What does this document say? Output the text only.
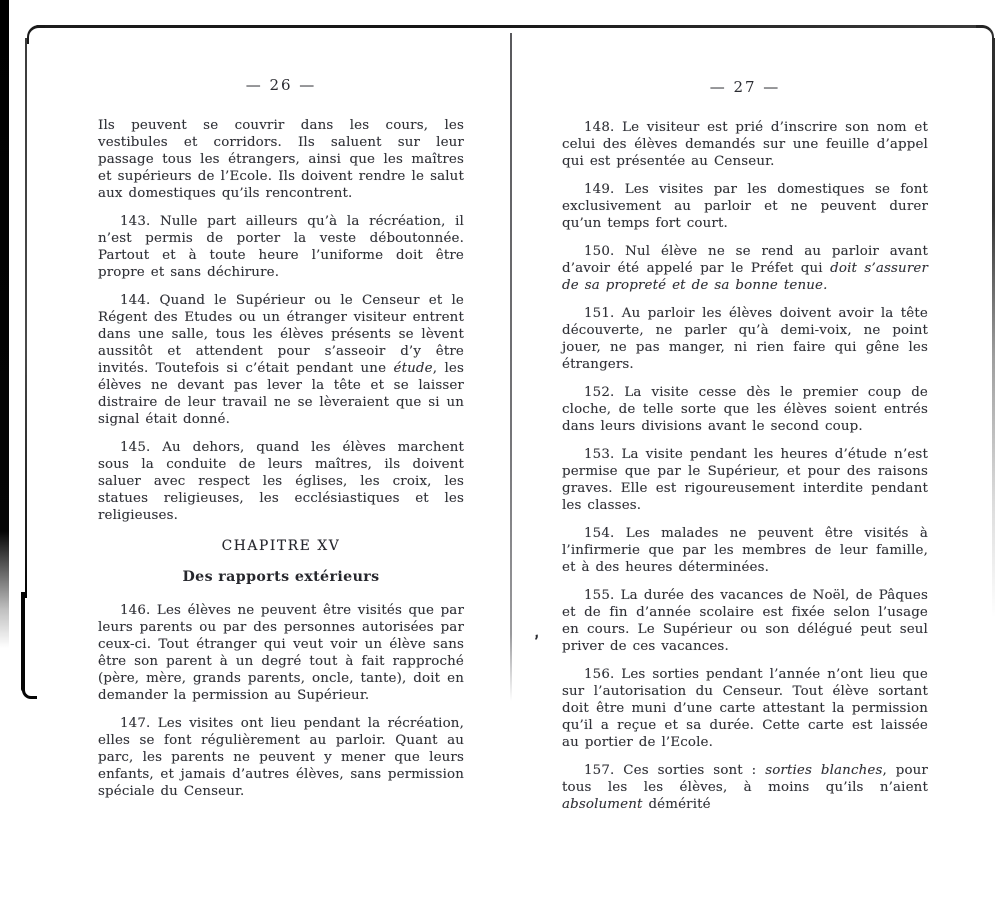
— 26 —

Ils peuvent se couvrir dans les cours, les vestibules et corridors. Ils saluent sur leur passage tous les étrangers, ainsi que les maîtres et supérieurs de l’Ecole. Ils doivent rendre le salut aux domestiques qu’ils rencontrent.

143. Nulle part ailleurs qu’à la récréation, il n’est permis de porter la veste déboutonnée. Partout et à toute heure l’uniforme doit être propre et sans déchirure.

144. Quand le Supérieur ou le Censeur et le Régent des Etudes ou un étranger visiteur entrent dans une salle, tous les élèves présents se lèvent aussitôt et attendent pour s’asseoir d’y être invités. Toutefois si c’était pendant une étude, les élèves ne devant pas lever la tête et se laisser distraire de leur travail ne se lèveraient que si un signal était donné.

145. Au dehors, quand les élèves marchent sous la conduite de leurs maîtres, ils doivent saluer avec respect les églises, les croix, les statues religieuses, les ecclésiastiques et les religieuses.

CHAPITRE XV
Des rapports extérieurs

146. Les élèves ne peuvent être visités que par leurs parents ou par des personnes autorisées par ceux-ci. Tout étranger qui veut voir un élève sans être son parent à un degré tout à fait rapproché (père, mère, grands parents, oncle, tante), doit en demander la permission au Supérieur.

147. Les visites ont lieu pendant la récréation, elles se font régulièrement au parloir. Quant au parc, les parents ne peuvent y mener que leurs enfants, et jamais d’autres élèves, sans permission spéciale du Censeur.

— 27 —

148. Le visiteur est prié d’inscrire son nom et celui des élèves demandés sur une feuille d’appel qui est présentée au Censeur.

149. Les visites par les domestiques se font exclusivement au parloir et ne peuvent durer qu’un temps fort court.

150. Nul élève ne se rend au parloir avant d’avoir été appelé par le Préfet qui doit s’assurer de sa propreté et de sa bonne tenue.

151. Au parloir les élèves doivent avoir la tête découverte, ne parler qu’à demi-voix, ne point jouer, ne pas manger, ni rien faire qui gêne les étrangers.

152. La visite cesse dès le premier coup de cloche, de telle sorte que les élèves soient entrés dans leurs divisions avant le second coup.

153. La visite pendant les heures d’étude n’est permise que par le Supérieur, et pour des raisons graves. Elle est rigoureusement interdite pendant les classes.

154. Les malades ne peuvent être visités à l’infirmerie que par les membres de leur famille, et à des heures déterminées.

155. La durée des vacances de Noël, de Pâques et de fin d’année scolaire est fixée selon l’usage en cours. Le Supérieur ou son délégué peut seul priver de ces vacances.

156. Les sorties pendant l’année n’ont lieu que sur l’autorisation du Censeur. Tout élève sortant doit être muni d’une carte attestant la permission qu’il a reçue et sa durée. Cette carte est laissée au portier de l’Ecole.

157. Ces sorties sont : sorties blanches, pour tous les les élèves, à moins qu’ils n’aient absolument démérité

’
